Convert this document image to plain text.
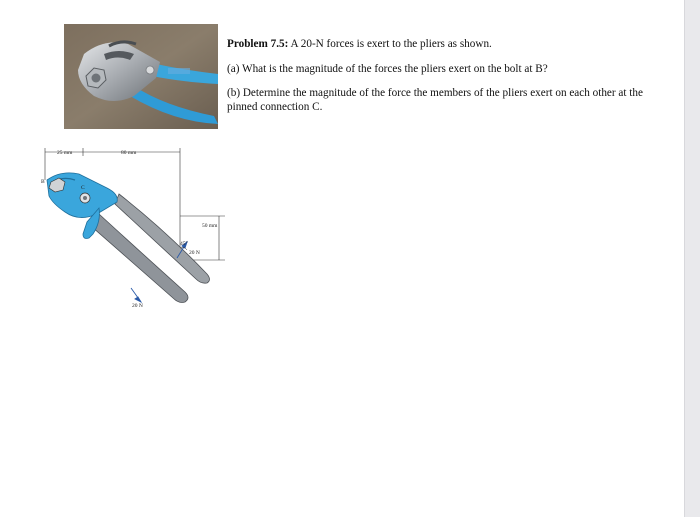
Problem 7.5: A 20-N forces is exert to the pliers as shown.

(a) What is the magnitude of the forces the pliers exert on the bolt at B?

(b) Determine the magnitude of the force the members of the pliers exert on each other at the pinned connection C.

25 mm	80 mm
50 mm
B
C
45°
20 N
20 N
